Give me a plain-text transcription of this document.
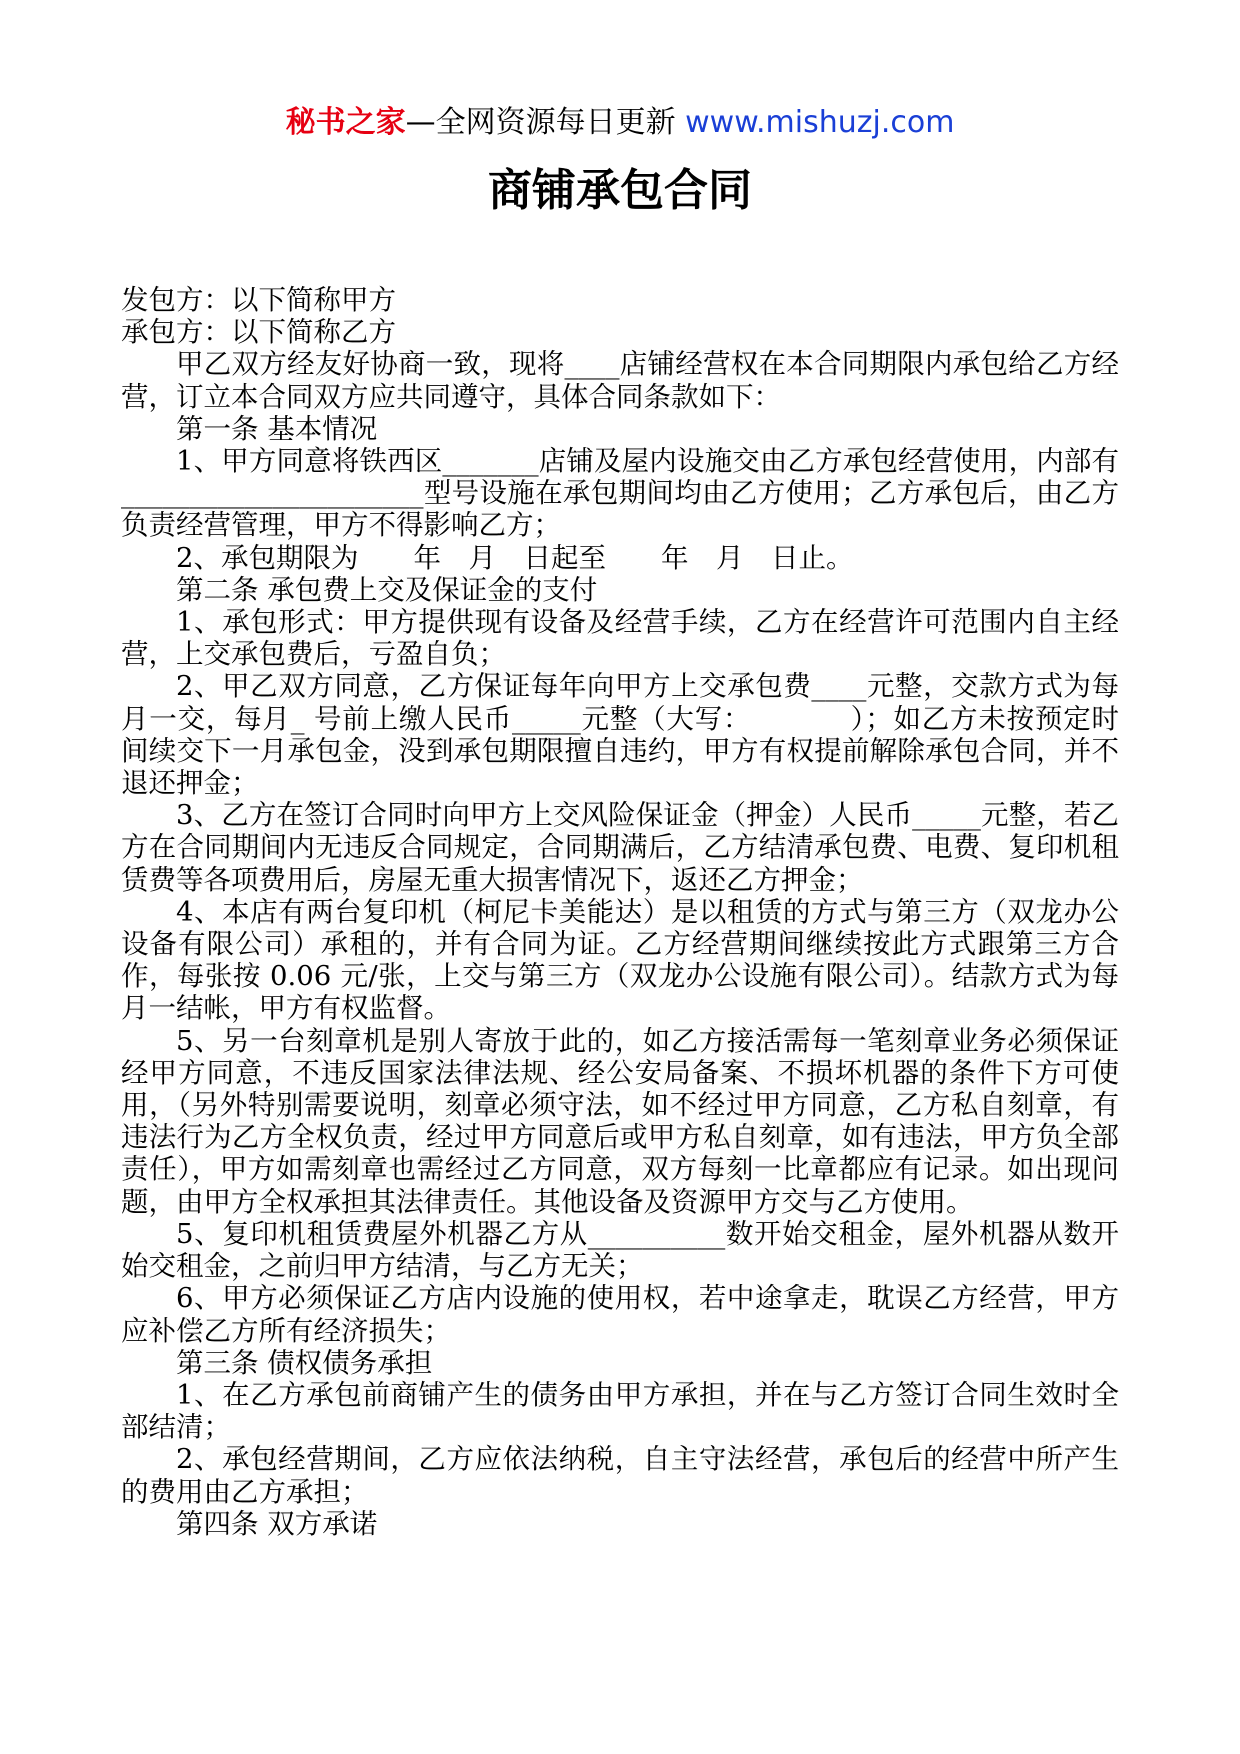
秘书之家—全网资源每日更新 www.mishuzj.com
商铺承包合同

发包方：以下简称甲方

承包方：以下简称乙方

甲乙双方经友好协商一致，现将____店铺经营权在本合同期限内承包给乙方经营，订立本合同双方应共同遵守，具体合同条款如下：

第一条 基本情况

1、甲方同意将铁西区_______店铺及屋内设施交由乙方承包经营使用，内部有______________________型号设施在承包期间均由乙方使用；乙方承包后，由乙方负责经营管理，甲方不得影响乙方；

2、承包期限为　　年　月　日起至　　年　月　日止。

第二条 承包费上交及保证金的支付

1、承包形式：甲方提供现有设备及经营手续，乙方在经营许可范围内自主经营，上交承包费后，亏盈自负；

2、甲乙双方同意，乙方保证每年向甲方上交承包费____元整，交款方式为每月一交，每月_ 号前上缴人民币_____元整（大写：　　　　）；如乙方未按预定时间续交下一月承包金，没到承包期限擅自违约，甲方有权提前解除承包合同，并不退还押金；

3、乙方在签订合同时向甲方上交风险保证金（押金）人民币_____元整，若乙方在合同期间内无违反合同规定，合同期满后，乙方结清承包费、电费、复印机租赁费等各项费用后，房屋无重大损害情况下，返还乙方押金；

4、本店有两台复印机（柯尼卡美能达）是以租赁的方式与第三方（双龙办公设备有限公司）承租的，并有合同为证。乙方经营期间继续按此方式跟第三方合作，每张按 0.06 元/张，上交与第三方（双龙办公设施有限公司）。结款方式为每月一结帐，甲方有权监督。

5、另一台刻章机是别人寄放于此的，如乙方接活需每一笔刻章业务必须保证经甲方同意，不违反国家法律法规、经公安局备案、不损坏机器的条件下方可使用，（另外特别需要说明，刻章必须守法，如不经过甲方同意，乙方私自刻章，有违法行为乙方全权负责，经过甲方同意后或甲方私自刻章，如有违法，甲方负全部责任），甲方如需刻章也需经过乙方同意，双方每刻一比章都应有记录。如出现问题，由甲方全权承担其法律责任。其他设备及资源甲方交与乙方使用。

5、复印机租赁费屋外机器乙方从__________数开始交租金，屋外机器从数开始交租金，之前归甲方结清，与乙方无关；

6、甲方必须保证乙方店内设施的使用权，若中途拿走，耽误乙方经营，甲方应补偿乙方所有经济损失；

第三条 债权债务承担

1、在乙方承包前商铺产生的债务由甲方承担，并在与乙方签订合同生效时全部结清；

2、承包经营期间，乙方应依法纳税，自主守法经营，承包后的经营中所产生的费用由乙方承担；

第四条 双方承诺
